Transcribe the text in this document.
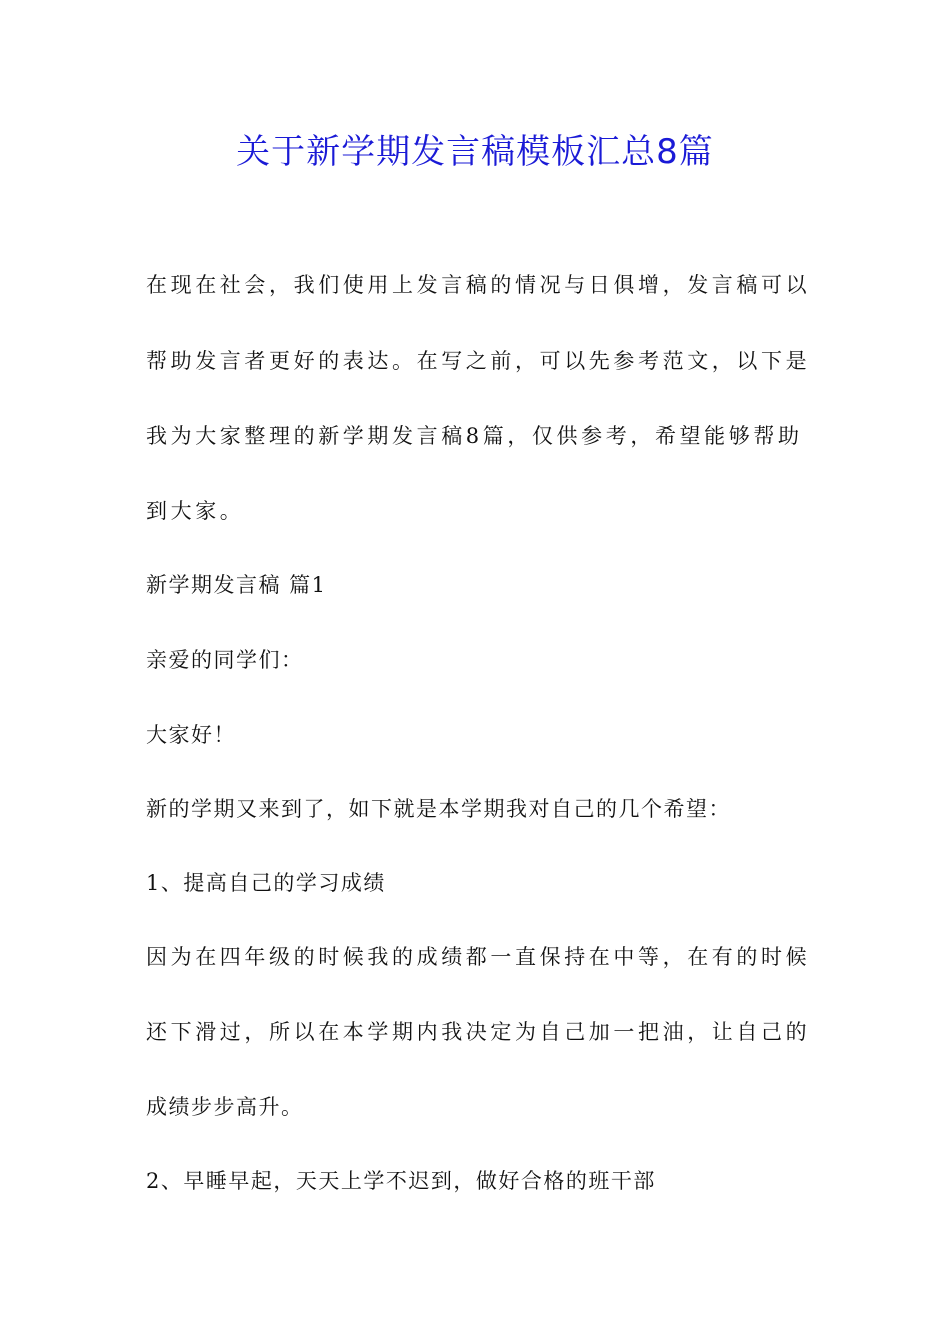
关于新学期发言稿模板汇总8篇
在现在社会，我们使用上发言稿的情况与日俱增，发言稿可以
帮助发言者更好的表达。在写之前，可以先参考范文，以下是
我为大家整理的新学期发言稿8篇，仅供参考，希望能够帮助
到大家。
新学期发言稿 篇1
亲爱的同学们：
大家好！
新的学期又来到了，如下就是本学期我对自己的几个希望：
1、提高自己的学习成绩
因为在四年级的时候我的成绩都一直保持在中等，在有的时候
还下滑过，所以在本学期内我决定为自己加一把油，让自己的
成绩步步高升。
2、早睡早起，天天上学不迟到，做好合格的班干部
